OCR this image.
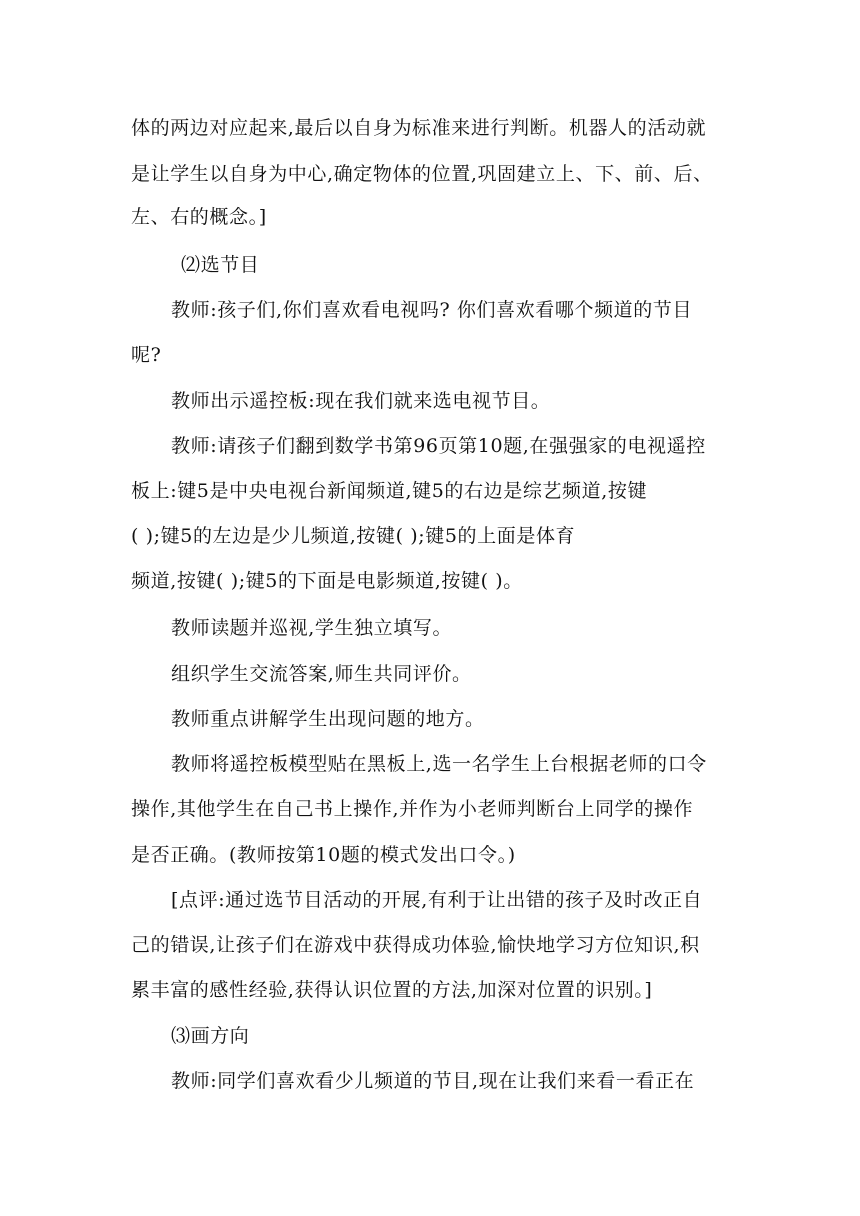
体的两边对应起来,最后以自身为标准来进行判断。机器人的活动就
是让学生以自身为中心,确定物体的位置,巩固建立上、下、前、后、
左、右的概念。]
⑵选节目
教师:孩子们,你们喜欢看电视吗? 你们喜欢看哪个频道的节目
呢?
教师出示遥控板:现在我们就来选电视节目。
教师:请孩子们翻到数学书第96页第10题,在强强家的电视遥控
板上:键5是中央电视台新闻频道,键5的右边是综艺频道,按键
( );键5的左边是少儿频道,按键( );键5的上面是体育
频道,按键( );键5的下面是电影频道,按键( )。
教师读题并巡视,学生独立填写。
组织学生交流答案,师生共同评价。
教师重点讲解学生出现问题的地方。
教师将遥控板模型贴在黑板上,选一名学生上台根据老师的口令
操作,其他学生在自己书上操作,并作为小老师判断台上同学的操作
是否正确。(教师按第10题的模式发出口令。)
[点评:通过选节目活动的开展,有利于让出错的孩子及时改正自
己的错误,让孩子们在游戏中获得成功体验,愉快地学习方位知识,积
累丰富的感性经验,获得认识位置的方法,加深对位置的识别。]
⑶画方向
教师:同学们喜欢看少儿频道的节目,现在让我们来看一看正在
